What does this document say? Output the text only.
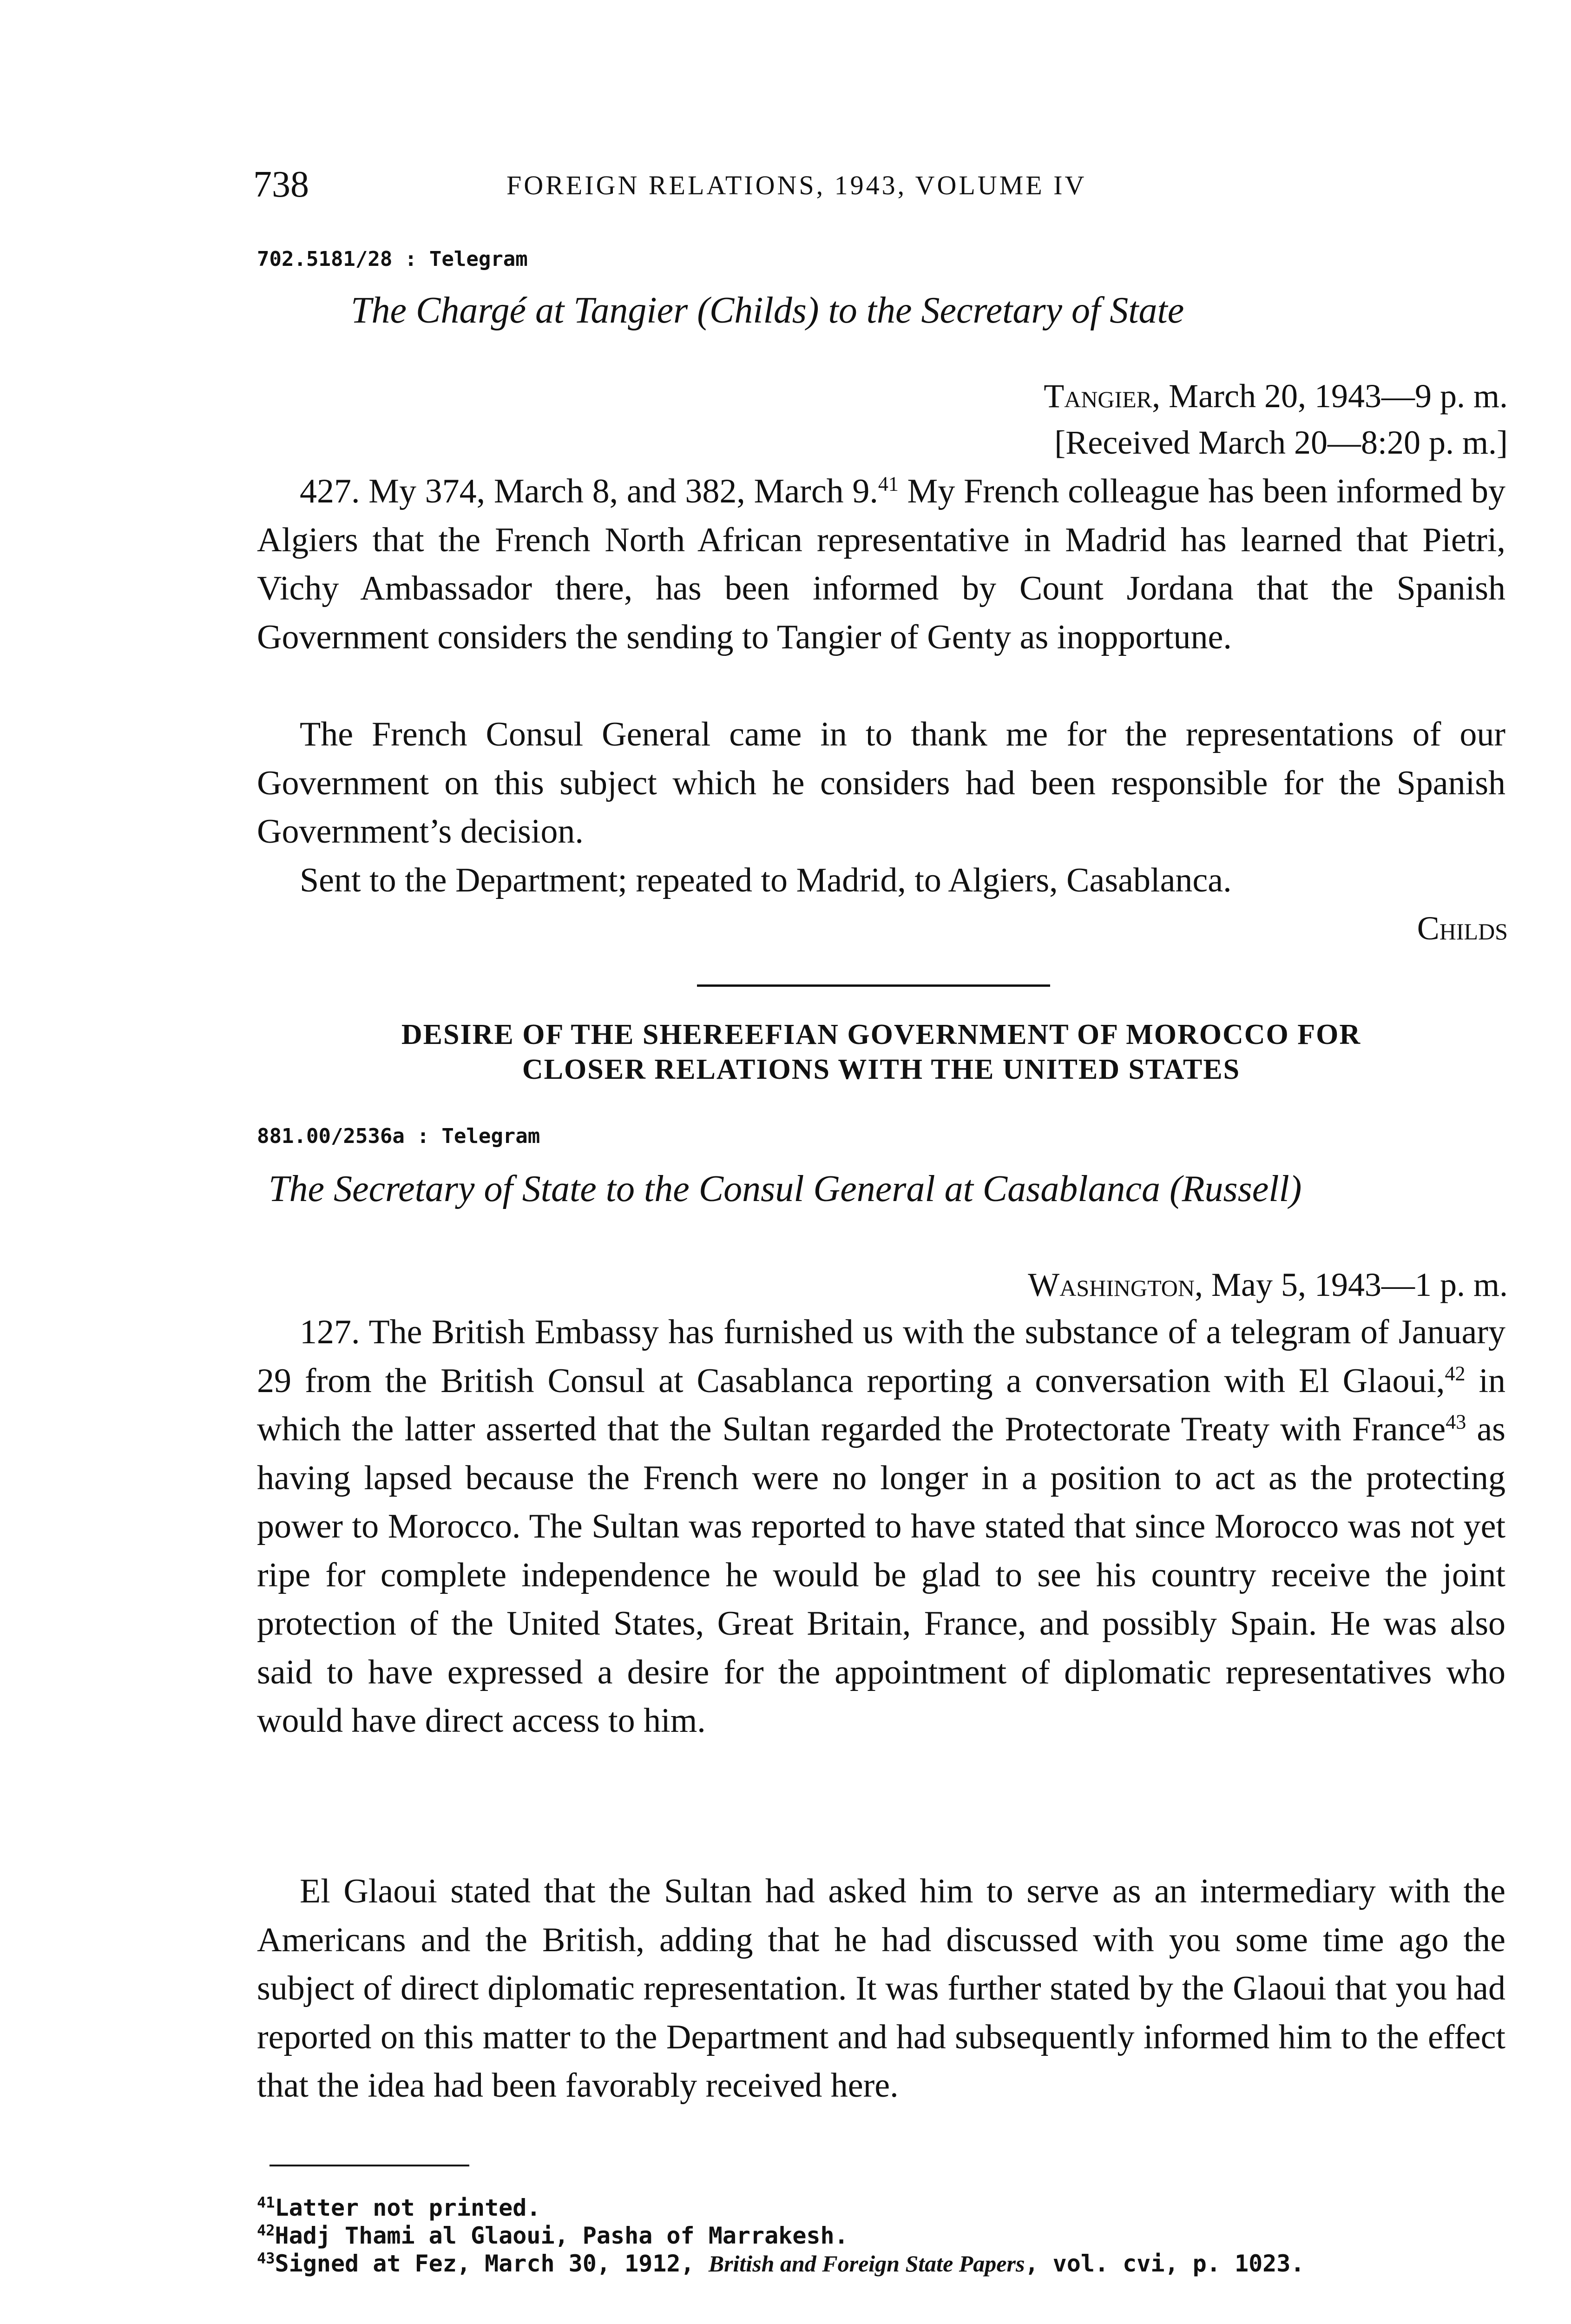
738	FOREIGN RELATIONS, 1943, VOLUME IV
702.5181/28 : Telegram
The Chargé at Tangier (Childs) to the Secretary of State
Tangier, March 20, 1943—9 p. m.
[Received March 20—8:20 p. m.]

427. My 374, March 8, and 382, March 9.41 My French colleague has been informed by Algiers that the French North African representative in Madrid has learned that Pietri, Vichy Ambassador there, has been informed by Count Jordana that the Spanish Government considers the sending to Tangier of Genty as inopportune.

The French Consul General came in to thank me for the representations of our Government on this subject which he considers had been responsible for the Spanish Government’s decision.

Sent to the Department; repeated to Madrid, to Algiers, Casablanca.

Childs

DESIRE OF THE SHEREEFIAN GOVERNMENT OF MOROCCO FOR

CLOSER RELATIONS WITH THE UNITED STATES

881.00/2536a : Telegram
The Secretary of State to the Consul General at Casablanca (Russell)
Washington, May 5, 1943—1 p. m.

127. The British Embassy has furnished us with the substance of a telegram of January 29 from the British Consul at Casablanca reporting a conversation with El Glaoui,$^{42}$ in which the latter asserted that the Sultan regarded the Protectorate Treaty with France$^{43}$ as having lapsed because the French were no longer in a position to act as the protecting power to Morocco. The Sultan was reported to have stated that since Morocco was not yet ripe for complete independence he would be glad to see his country receive the joint protection of the United States, Great Britain, France, and possibly Spain. He was also said to have expressed a desire for the appointment of diplomatic representatives who would have direct access to him.

El Glaoui stated that the Sultan had asked him to serve as an intermediary with the Americans and the British, adding that he had discussed with you some time ago the subject of direct diplomatic representation. It was further stated by the Glaoui that you had reported on this matter to the Department and had subsequently informed him to the effect that the idea had been favorably received here.

$^{41}$Latter not printed.

$^{42}$Hadj Thami al Glaoui, Pasha of Marrakesh.

$^{43}$Signed at Fez, March 30, 1912, British and Foreign State Papers, vol. cvi, p. 1023.
